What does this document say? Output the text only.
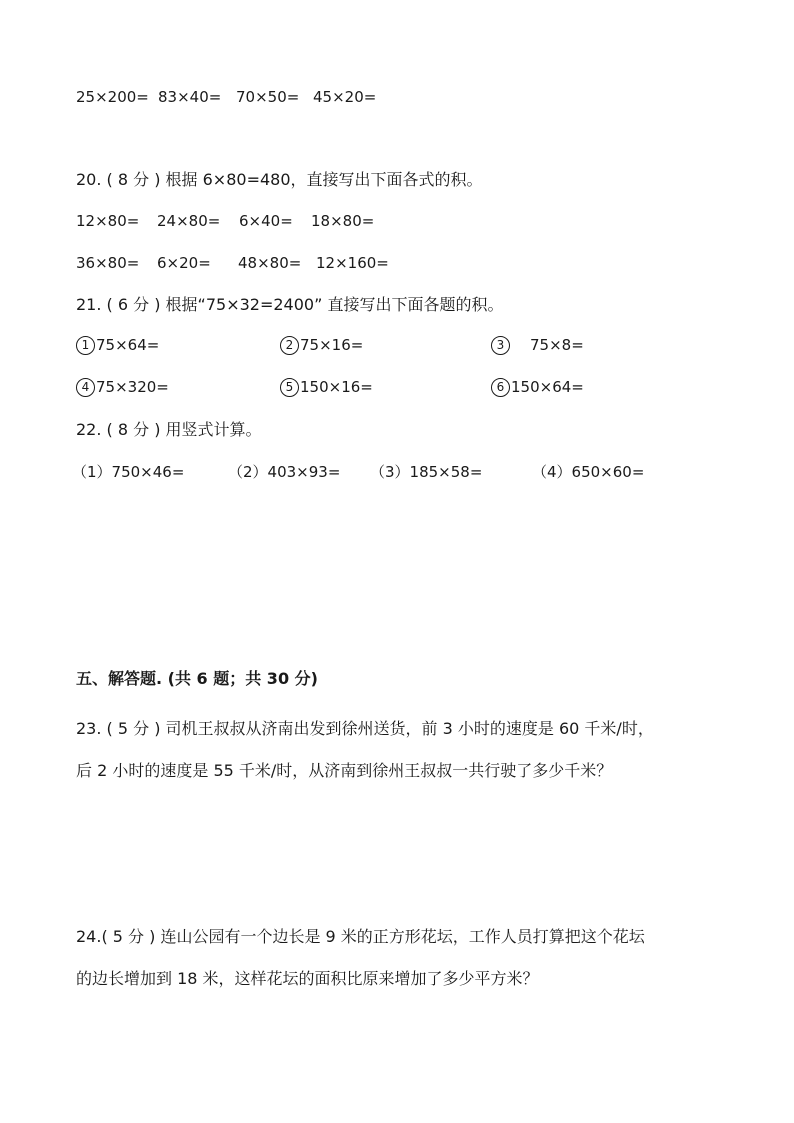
25×200= 83×40= 70×50= 45×20=
20. ( 8 分 ) 根据 6×80=480，直接写出下面各式的积。
12×80= 24×80= 6×40= 18×80=
36×80= 6×20= 48×80= 12×160=
21. ( 6 分 ) 根据“75×32=2400” 直接写出下面各题的积。
1 75×64=	2 75×16=	3 75×8=
4 75×320=	5 150×16=	6 150×64=
22. ( 8 分 ) 用竖式计算。
（1）750×46=	（2）403×93= （3）185×58=	（4）650×60=
五、解答题. (共 6 题；共 30 分)
23. ( 5 分 ) 司机王叔叔从济南出发到徐州送货，前 3 小时的速度是 60 千米/时，
后 2 小时的速度是 55 千米/时，从济南到徐州王叔叔一共行驶了多少千米？
24.( 5 分 ) 连山公园有一个边长是 9 米的正方形花坛，工作人员打算把这个花坛
的边长增加到 18 米，这样花坛的面积比原来增加了多少平方米？
